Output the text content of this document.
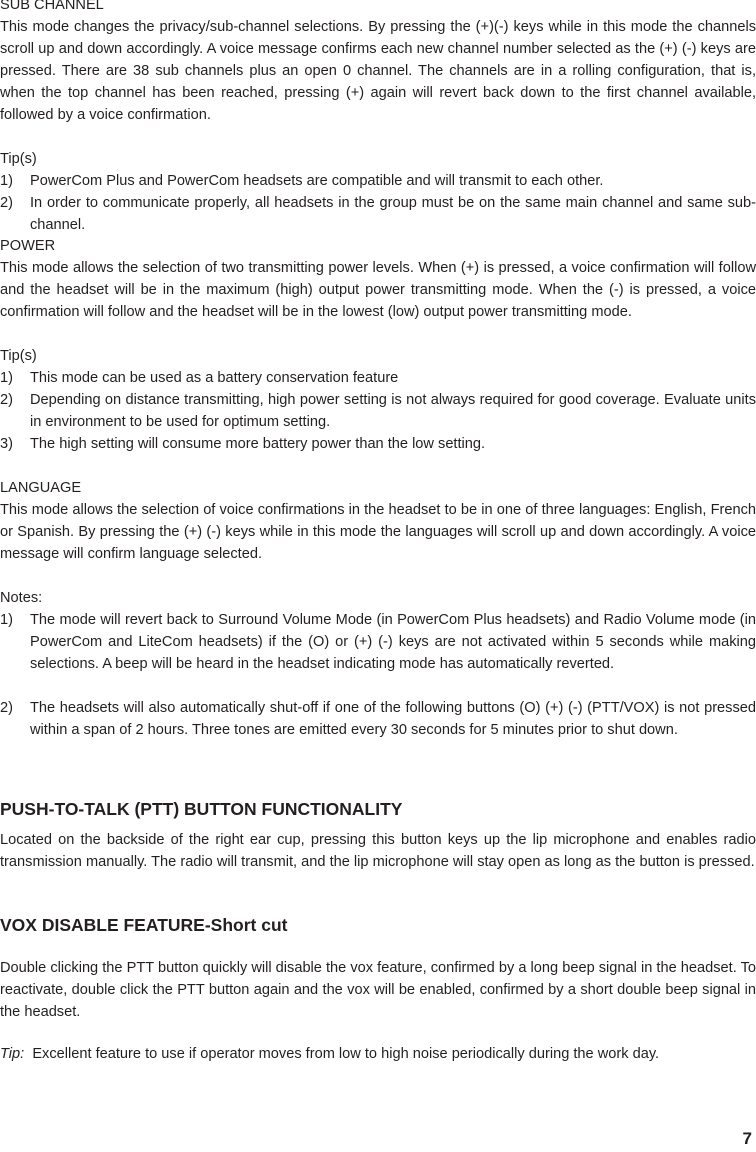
SUB CHANNEL
This mode changes the privacy/sub-channel selections. By pressing the (+)(-) keys while in this mode the channels scroll up and down accordingly. A voice message confirms each new channel number selected as the (+) (-) keys are pressed. There are 38 sub channels plus an open 0 channel. The channels are in a rolling configuration, that is, when the top channel has been reached, pressing (+) again will revert back down to the first channel available, followed by a voice confirmation.
Tip(s)
1) PowerCom Plus and PowerCom headsets are compatible and will transmit to each other.
2) In order to communicate properly, all headsets in the group must be on the same main channel and same sub-channel.
POWER
This mode allows the selection of two transmitting power levels. When (+) is pressed, a voice confirmation will follow and the headset will be in the maximum (high) output power transmitting mode. When the (-) is pressed, a voice confirmation will follow and the headset will be in the lowest (low) output power transmitting mode.
Tip(s)
1) This mode can be used as a battery conservation feature
2) Depending on distance transmitting, high power setting is not always required for good coverage. Evaluate units in environment to be used for optimum setting.
3) The high setting will consume more battery power than the low setting.
LANGUAGE
This mode allows the selection of voice confirmations in the headset to be in one of three languages: English, French or Spanish. By pressing the (+) (-) keys while in this mode the languages will scroll up and down accordingly. A voice message will confirm language selected.
Notes:
1) The mode will revert back to Surround Volume Mode (in PowerCom Plus headsets) and Radio Volume mode (in PowerCom and LiteCom headsets) if the (O) or (+) (-) keys are not activated within 5 seconds while making selections. A beep will be heard in the headset indicating mode has automatically reverted.
2) The headsets will also automatically shut-off if one of the following buttons (O) (+) (-) (PTT/VOX) is not pressed within a span of 2 hours. Three tones are emitted every 30 seconds for 5 minutes prior to shut down.
PUSH-TO-TALK (PTT) BUTTON FUNCTIONALITY
Located on the backside of the right ear cup, pressing this button keys up the lip microphone and enables radio transmission manually. The radio will transmit, and the lip microphone will stay open as long as the button is pressed.
VOX DISABLE FEATURE-Short cut
Double clicking the PTT button quickly will disable the vox feature, confirmed by a long beep signal in the headset. To reactivate, double click the PTT button again and the vox will be enabled, confirmed by a short double beep signal in the headset.
Tip: Excellent feature to use if operator moves from low to high noise periodically during the work day.
7
